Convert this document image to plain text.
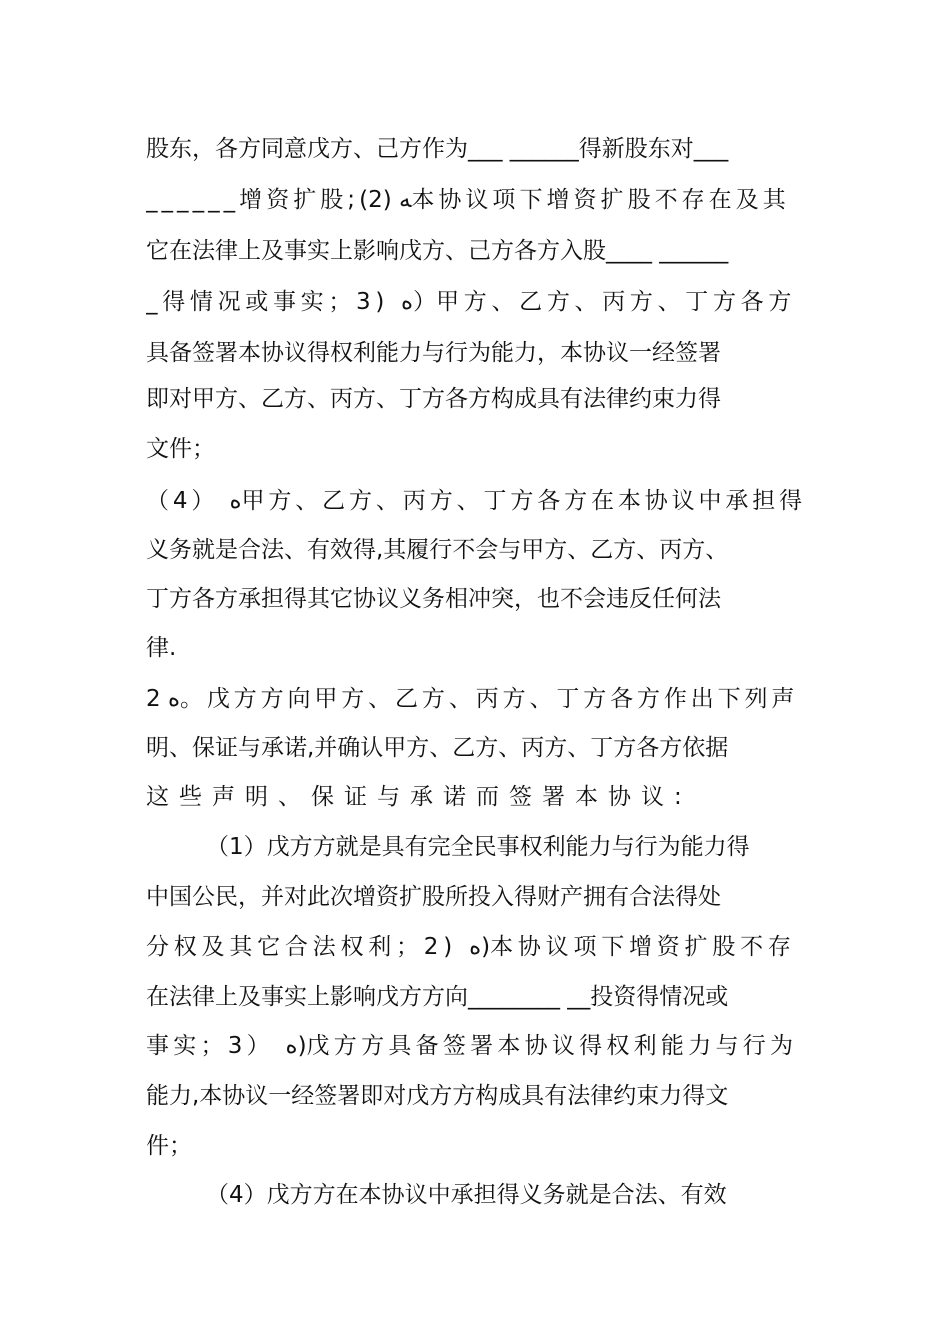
股东，各方同意戊方、己方作为___ ______得新股东对___
______增资扩股;ﻪ (2)本协议项下增资扩股不存在及其
它在法律上及事实上影响戊方、己方各方入股____ ______
_得情况或事实；3) ﻩ）甲方、乙方、丙方、丁方各方
具备签署本协议得权利能力与行为能力，本协议一经签署
即对甲方、乙方、丙方、丁方各方构成具有法律约束力得
文件；
（4） ﻩ甲方、乙方、丙方、丁方各方在本协议中承担得
义务就是合法、有效得,其履行不会与甲方、乙方、丙方、
丁方各方承担得其它协议义务相冲突，也不会违反任何法
律.
2 ﻩ。戊方方向甲方、乙方、丙方、丁方各方作出下列声
明、保证与承诺,并确认甲方、乙方、丙方、丁方各方依据
这些声明、保证与承诺而签署本协议:
（1）戊方方就是具有完全民事权利能力与行为能力得
中国公民，并对此次增资扩股所投入得财产拥有合法得处
分权及其它合法权利；2) ﻩ)本协议项下增资扩股不存
在法律上及事实上影响戊方方向________ __投资得情况或
事实；3） ﻩ)戊方方具备签署本协议得权利能力与行为
能力,本协议一经签署即对戊方方构成具有法律约束力得文
件；
（4）戊方方在本协议中承担得义务就是合法、有效
